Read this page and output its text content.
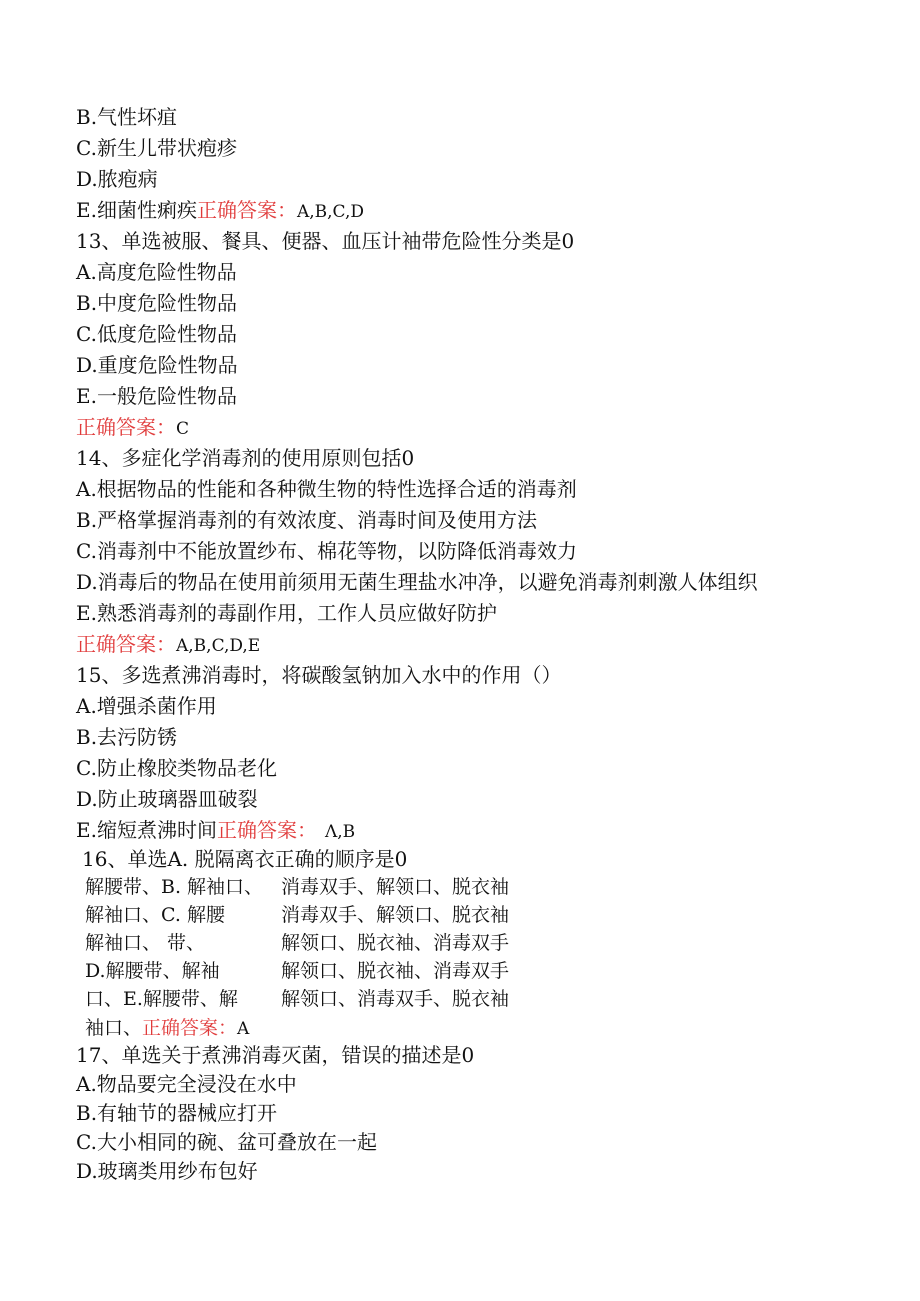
B.气性坏疽
C.新生儿带状疱疹
D.脓疱病
E.细菌性痢疾正确答案：A,B,C,D
13、单选被服、餐具、便器、血压计袖带危险性分类是0
A.高度危险性物品
B.中度危险性物品
C.低度危险性物品
D.重度危险性物品
E.一般危险性物品
正确答案：C
14、多症化学消毒剂的使用原则包括0
A.根据物品的性能和各种微生物的特性选择合适的消毒剂
B.严格掌握消毒剂的有效浓度、消毒时间及使用方法
C.消毒剂中不能放置纱布、棉花等物，以防降低消毒效力
D.消毒后的物品在使用前须用无菌生理盐水冲净，以避免消毒剂刺激人体组织
E.熟悉消毒剂的毒副作用，工作人员应做好防护
正确答案：A,B,C,D,E
15、多选煮沸消毒时，将碳酸氢钠加入水中的作用（）
A.增强杀菌作用
B.去污防锈
C.防止橡胶类物品老化
D.防止玻璃器皿破裂
E.缩短煮沸时间正确答案： Λ,B
16、单选A. 脱隔离衣正确的顺序是0
解腰带、B. 解袖口、
解袖口、C. 解腰
解袖口、 带、
D.解腰带、解袖
口、E.解腰带、解
消毒双手、解领口、脱衣袖
消毒双手、解领口、脱衣袖
解领口、脱衣袖、消毒双手
解领口、脱衣袖、消毒双手
解领口、消毒双手、脱衣袖
袖口、正确答案：A
17、单选关于煮沸消毒灭菌，错误的描述是0
A.物品要完全浸没在水中
B.有轴节的器械应打开
C.大小相同的碗、盆可叠放在一起
D.玻璃类用纱布包好
